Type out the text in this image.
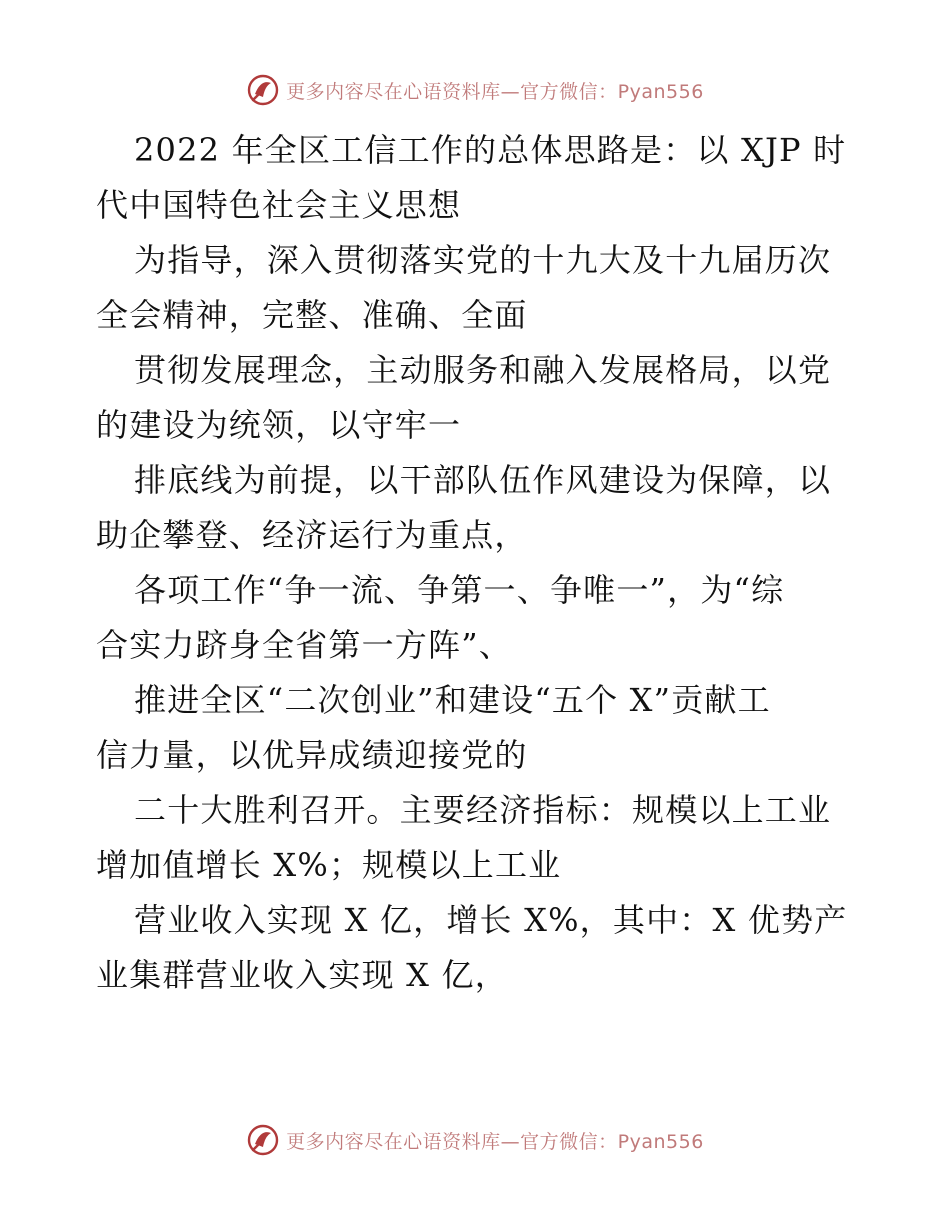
更多内容尽在心语资料库—官方微信：Pyan556
2022 年全区工信工作的总体思路是：以 XJP 时
代中国特色社会主义思想
为指导，深入贯彻落实党的十九大及十九届历次
全会精神，完整、准确、全面
贯彻发展理念，主动服务和融入发展格局，以党
的建设为统领，以守牢一
排底线为前提，以干部队伍作风建设为保障，以
助企攀登、经济运行为重点，
各项工作“争一流、争第一、争唯一”，为“综
合实力跻身全省第一方阵”、
推进全区“二次创业”和建设“五个 X”贡献工
信力量，以优异成绩迎接党的
二十大胜利召开。主要经济指标：规模以上工业
增加值增长 X%；规模以上工业
营业收入实现 X 亿，增长 X%，其中：X 优势产
业集群营业收入实现 X 亿，
更多内容尽在心语资料库—官方微信：Pyan556
